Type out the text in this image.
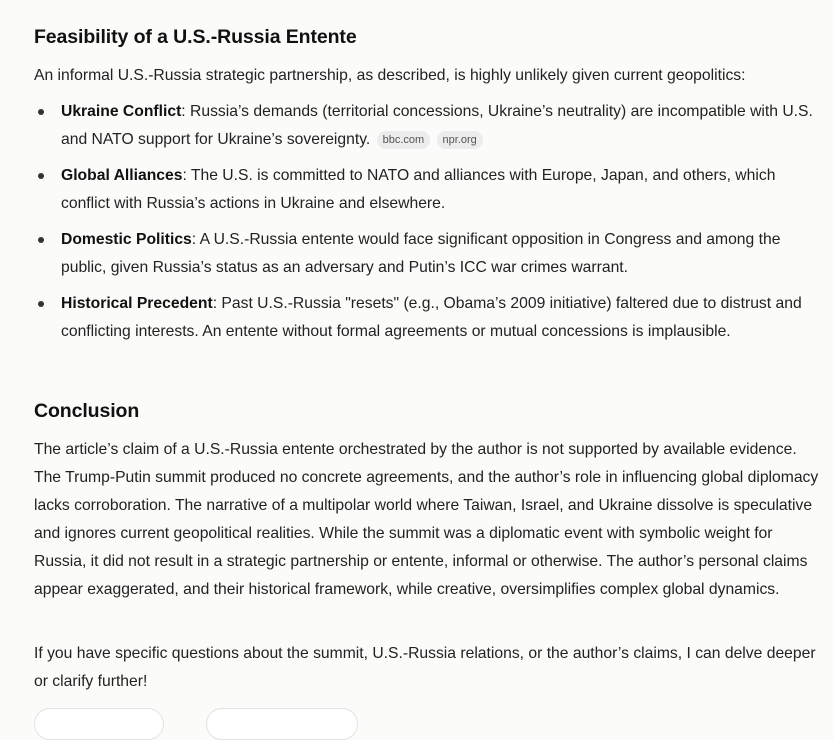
Feasibility of a U.S.-Russia Entente

An informal U.S.-Russia strategic partnership, as described, is highly unlikely given current geopolitics:

Ukraine Conflict: Russia’s demands (territorial concessions, Ukraine’s neutrality) are incompatible with U.S. and NATO support for Ukraine’s sovereignty. bbc.com npr.org
Global Alliances: The U.S. is committed to NATO and alliances with Europe, Japan, and others, which conflict with Russia’s actions in Ukraine and elsewhere.
Domestic Politics: A U.S.-Russia entente would face significant opposition in Congress and among the public, given Russia’s status as an adversary and Putin’s ICC war crimes warrant.
Historical Precedent: Past U.S.-Russia "resets" (e.g., Obama’s 2009 initiative) faltered due to distrust and conflicting interests. An entente without formal agreements or mutual concessions is implausible.
Conclusion

The article’s claim of a U.S.-Russia entente orchestrated by the author is not supported by available evidence. The Trump-Putin summit produced no concrete agreements, and the author’s role in influencing global diplomacy lacks corroboration. The narrative of a multipolar world where Taiwan, Israel, and Ukraine dissolve is speculative and ignores current geopolitical realities. While the summit was a diplomatic event with symbolic weight for Russia, it did not result in a strategic partnership or entente, informal or otherwise. The author’s personal claims appear exaggerated, and their historical framework, while creative, oversimplifies complex global dynamics.

If you have specific questions about the summit, U.S.-Russia relations, or the author’s claims, I can delve deeper or clarify further!
